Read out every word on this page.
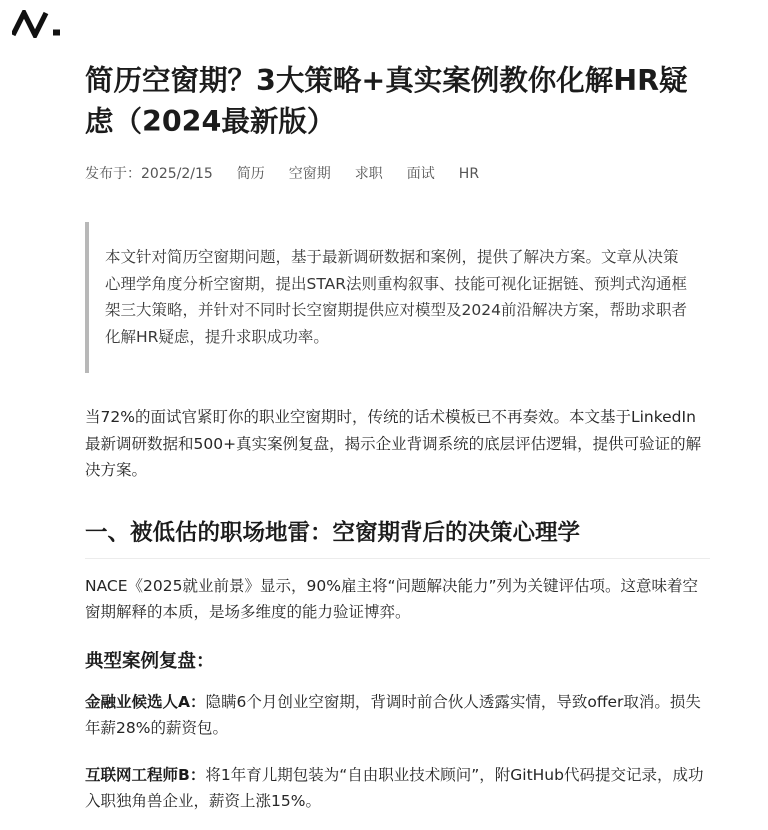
简历空窗期？3大策略+真实案例教你化解HR疑虑（2024最新版）
发布于：2025/2/15 简历 空窗期 求职 面试 HR
本文针对简历空窗期问题，基于最新调研数据和案例，提供了解决方案。文章从决策心理学角度分析空窗期，提出STAR法则重构叙事、技能可视化证据链、预判式沟通框架三大策略，并针对不同时长空窗期提供应对模型及2024前沿解决方案，帮助求职者化解HR疑虑，提升求职成功率。

当72%的面试官紧盯你的职业空窗期时，传统的话术模板已不再奏效。本文基于LinkedIn最新调研数据和500+真实案例复盘，揭示企业背调系统的底层评估逻辑，提供可验证的解决方案。

一、被低估的职场地雷：空窗期背后的决策心理学

NACE《2025就业前景》显示，90%雇主将“问题解决能力”列为关键评估项。这意味着空窗期解释的本质，是场多维度的能力验证博弈。

典型案例复盘：

金融业候选人A：隐瞒6个月创业空窗期，背调时前合伙人透露实情，导致offer取消。损失年薪28%的薪资包。

互联网工程师B：将1年育儿期包装为“自由职业技术顾问”，附GitHub代码提交记录，成功入职独角兽企业，薪资上涨15%。
